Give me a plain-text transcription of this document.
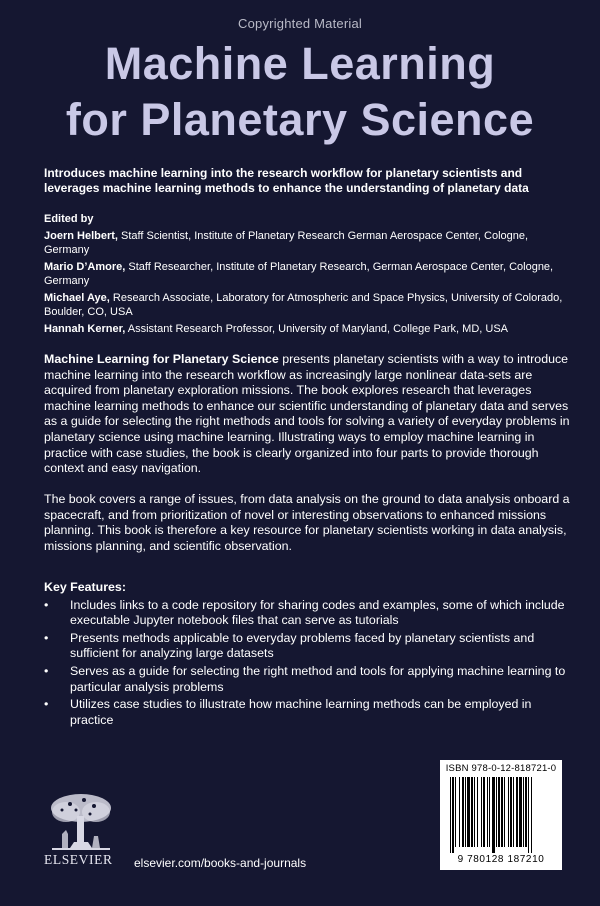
Copyrighted Material
Machine Learning
for Planetary Science
Introduces machine learning into the research workflow for planetary scientists and leverages machine learning methods to enhance the understanding of planetary data
Edited by
Joern Helbert, Staff Scientist, Institute of Planetary Research German Aerospace Center, Cologne, Germany
Mario D’Amore, Staff Researcher, Institute of Planetary Research, German Aerospace Center, Cologne, Germany
Michael Aye, Research Associate, Laboratory for Atmospheric and Space Physics, University of Colorado, Boulder, CO, USA
Hannah Kerner, Assistant Research Professor, University of Maryland, College Park, MD, USA
Machine Learning for Planetary Science presents planetary scientists with a way to introduce machine learning into the research workflow as increasingly large nonlinear data-sets are acquired from planetary exploration missions. The book explores research that leverages machine learning methods to enhance our scientific understanding of planetary data and serves as a guide for selecting the right methods and tools for solving a variety of everyday problems in planetary science using machine learning. Illustrating ways to employ machine learning in practice with case studies, the book is clearly organized into four parts to provide thorough context and easy navigation.
The book covers a range of issues, from data analysis on the ground to data analysis onboard a spacecraft, and from prioritization of novel or interesting observations to enhanced missions planning. This book is therefore a key resource for planetary scientists working in data analysis, missions planning, and scientific observation.
Key Features:
• Includes links to a code repository for sharing codes and examples, some of which include executable Jupyter notebook files that can serve as tutorials
• Presents methods applicable to everyday problems faced by planetary scientists and sufficient for analyzing large datasets
• Serves as a guide for selecting the right method and tools for applying machine learning to particular analysis problems
• Utilizes case studies to illustrate how machine learning methods can be employed in practice
ELSEVIER	elsevier.com/books-and-journals
ISBN 978-0-12-818721-0
9 780128 187210
